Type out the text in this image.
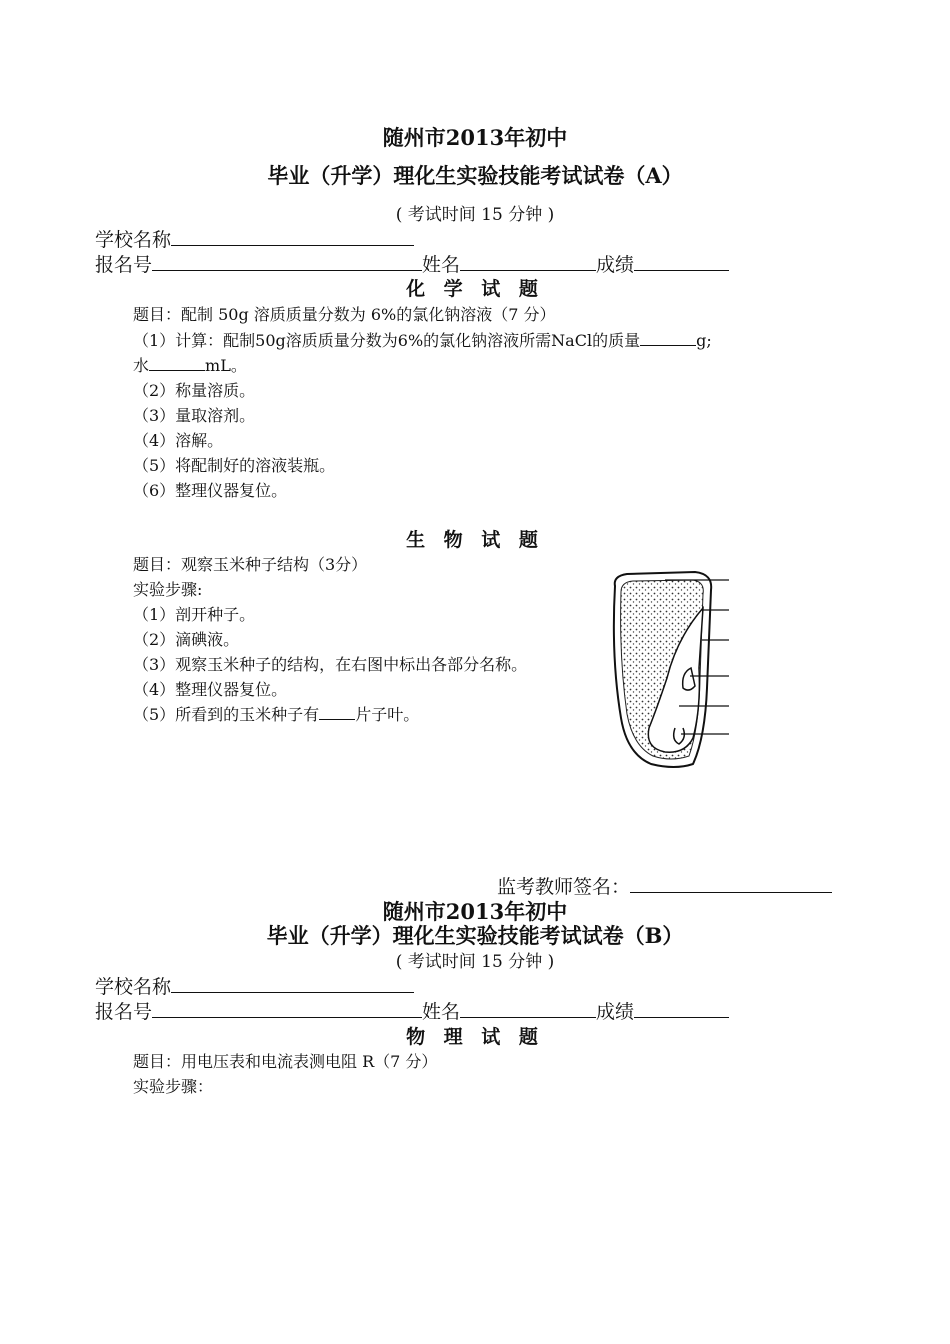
随州市2013年初中
毕业（升学）理化生实验技能考试试卷（A）
( 考试时间 15 分钟 )
学校名称
报名号	姓名	成绩
化 学 试 题
题目：配制 50g 溶质质量分数为 6%的氯化钠溶液（7 分）
（1）计算：配制50g溶质质量分数为6%的氯化钠溶液所需NaCl的质量	g;
水	mL。
（2）称量溶质。
（3）量取溶剂。
（4）溶解。
（5）将配制好的溶液装瓶。
（6）整理仪器复位。
生 物 试 题
题目：观察玉米种子结构（3分）
实验步骤:
（1）剖开种子。
（2）滴碘液。
（3）观察玉米种子的结构，在右图中标出各部分名称。
（4）整理仪器复位。
（5）所看到的玉米种子有 片子叶。
监考教师签名：
随州市2013年初中
毕业（升学）理化生实验技能考试试卷（B）
( 考试时间 15 分钟 )
学校名称
报名号	姓名	成绩
物 理 试 题
题目：用电压表和电流表测电阻 R（7 分）
实验步骤：
